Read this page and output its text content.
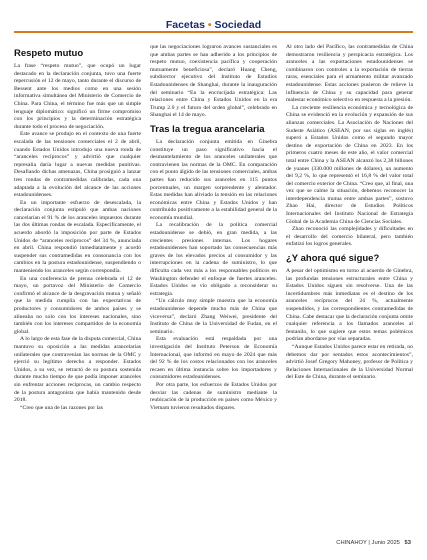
Facetas • Sociedad
Respeto mutuo

La frase “respeto mutuo”, que ocupó un lugar destacado en la declaración conjunta, tuvo una fuerte repercusión el 12 de mayo, tanto durante el discurso de Bessent ante los medios como en una sesión informativa simultánea del Ministerio de Comercio de China. Para China, el término fue más que un simple lenguaje diplomático: significó un firme compromiso con los principios y la determinación estratégica durante todo el proceso de negociación.

Este avance se produjo en el contexto de una fuerte escalada de las tensiones comerciales el 2 de abril, cuando Estados Unidos introdujo una nueva ronda de “aranceles recíprocos” y advirtió que cualquier represalia daría lugar a nuevas medidas punitivas. Desafiando dichas amenazas, China prosiguió a lanzar tres rondas de contramedidas calibradas, cada una adaptada a la evolución del alcance de las acciones estadounidenses.

En un importante esfuerzo de desescalada, la declaración conjunta estipuló que ambas naciones cancelarían el 91 % de los aranceles impuestos durante las dos últimas rondas de escalada. Específicamente, el acuerdo abordó la imposición por parte de Estados Unidos de “aranceles recíprocos” del 34 %, anunciada en abril. China respondió inmediatamente y acordó suspender sus contramedidas en consonancia con los cambios en la postura estadounidense, suspendiendo o manteniendo los aranceles según correspondía.

En una conferencia de prensa celebrada el 12 de mayo, un portavoz del Ministerio de Comercio confirmó el alcance de la desgravación mutua y señaló que la medida cumplía con las expectativas de productores y consumidores de ambos países y se alineaba no solo con los intereses nacionales, sino también con los intereses compartidos de la economía global.

A lo largo de esta fase de la disputa comercial, China mantuvo su oposición a las medidas arancelarias unilaterales que contravenían las normas de la OMC y ejerció su legítimo derecho a responder. Estados Unidos, a su vez, se retractó de su postura sostenida durante mucho tiempo de que podía imponer aranceles sin enfrentar acciones recíprocas, un cambio respecto de la postura antagonista que había mantenido desde 2018.

“Creo que una de las razones por las

que las negociaciones lograron avances sustanciales es que ambas partes se han adherido a los principios de respeto mutuo, coexistencia pacífica y cooperación mutuamente beneficiosa”, declaró Huang Cheng, subdirector ejecutivo del Instituto de Estudios Estadounidenses de Shanghai, durante la inauguración del seminario “En la encrucijada estratégica: Las relaciones entre China y Estados Unidos en la era Trump 2.0 y el futuro del orden global”, celebrado en Shanghai el 14 de mayo.

Tras la tregua arancelaria

La declaración conjunta emitida en Ginebra constituye un paso significativo hacia el desmantelamiento de los aranceles unilaterales que contravienen las normas de la OMC. En comparación con el punto álgido de las tensiones comerciales, ambas partes han reducido sus aranceles en 115 puntos porcentuales, un margen sorprendente y alentador. Estas medidas han aliviado la tensión en las relaciones económicas entre China y Estados Unidos y han contribuido positivamente a la estabilidad general de la economía mundial.

La recalibración de la política comercial estadounidense se debió, en gran medida, a las crecientes presiones internas. Los hogares estadounidenses han soportado las consecuencias más graves de los elevados precios al consumidor y las interrupciones en la cadena de suministro, lo que dificulta cada vez más a los responsables políticos en Washington defender el enfoque de fuertes aranceles. Estados Unidos se vio obligado a reconsiderar su estrategia.

“Un cálculo muy simple muestra que la economía estadounidense depende mucho más de China que viceversa”, declaró Zhang Weiwei, presidente del Instituto de China de la Universidad de Fudan, en el seminario.

Esta evaluación está respaldada por una investigación del Instituto Peterson de Economía Internacional, que informó en mayo de 2024 que más del 92 % de los costos relacionados con los aranceles recaen en última instancia sobre los importadores y consumidores estadounidenses.

Por otra parte, los esfuerzos de Estados Unidos por desviar las cadenas de suministro mediante la reubicación de la producción en países como México y Vietnam tuvieron resultados dispares.

Al otro lado del Pacífico, las contramedidas de China demostraron resiliencia y perspicacia estratégica. Los aranceles a las exportaciones estadounidenses se combinaron con controles a la exportación de tierras raras, esenciales para el armamento militar avanzado estadounidense. Estas acciones pusieron de relieve la influencia de China y su capacidad para generar malestar económico selectivo en respuesta a la presión.

La creciente resiliencia económica y tecnológica de China se evidenció en la evolución y expansión de sus alianzas comerciales. La Asociación de Naciones del Sudeste Asiático (ASEAN, por sus siglas en inglés) superó a Estados Unidos como el segundo mayor destino de exportación de China en 2023. En los primeros cuatro meses de este año, el valor comercial total entre China y la ASEAN alcanzó los 2,38 billones de yuanes (330.000 millones de dólares), un aumento del 9,2 %, lo que representó el 16,8 % del valor total del comercio exterior de China. “Creo que, al final, una vez que se calme la situación, debemos reconocer la interdependencia mutua entre ambas partes”, sostuvo Zhao Hai, director de Estudios Políticos Internacionales del Instituto Nacional de Estrategia Global de la Academia China de Ciencias Sociales.

Zhao reconoció las complejidades y dificultades en el desarrollo del comercio bilateral, pero también enfatizó los logros generales.

¿Y ahora qué sigue?

A pesar del optimismo en torno al acuerdo de Ginebra, las profundas tensiones estructurales entre China y Estados Unidos siguen sin resolverse. Una de las incertidumbres más inmediatas es el destino de los aranceles recíprocos del 24 %, actualmente suspendidos, y las correspondientes contramedidas de China. Cabe destacar que la declaración conjunta omite cualquier referencia a los llamados aranceles al fentanilo, lo que sugiere que estos temas polémicos podrían abordarse por vías separadas.

“Aunque Estados Unidos parece estar en retirada, no debemos dar por sentados estos acontecimientos”, advirtió Josef Gregory Mahoney, profesor de Política y Relaciones Internacionales de la Universidad Normal del Este de China, durante el seminario.

CHINAHOY | Junio 2025 53
